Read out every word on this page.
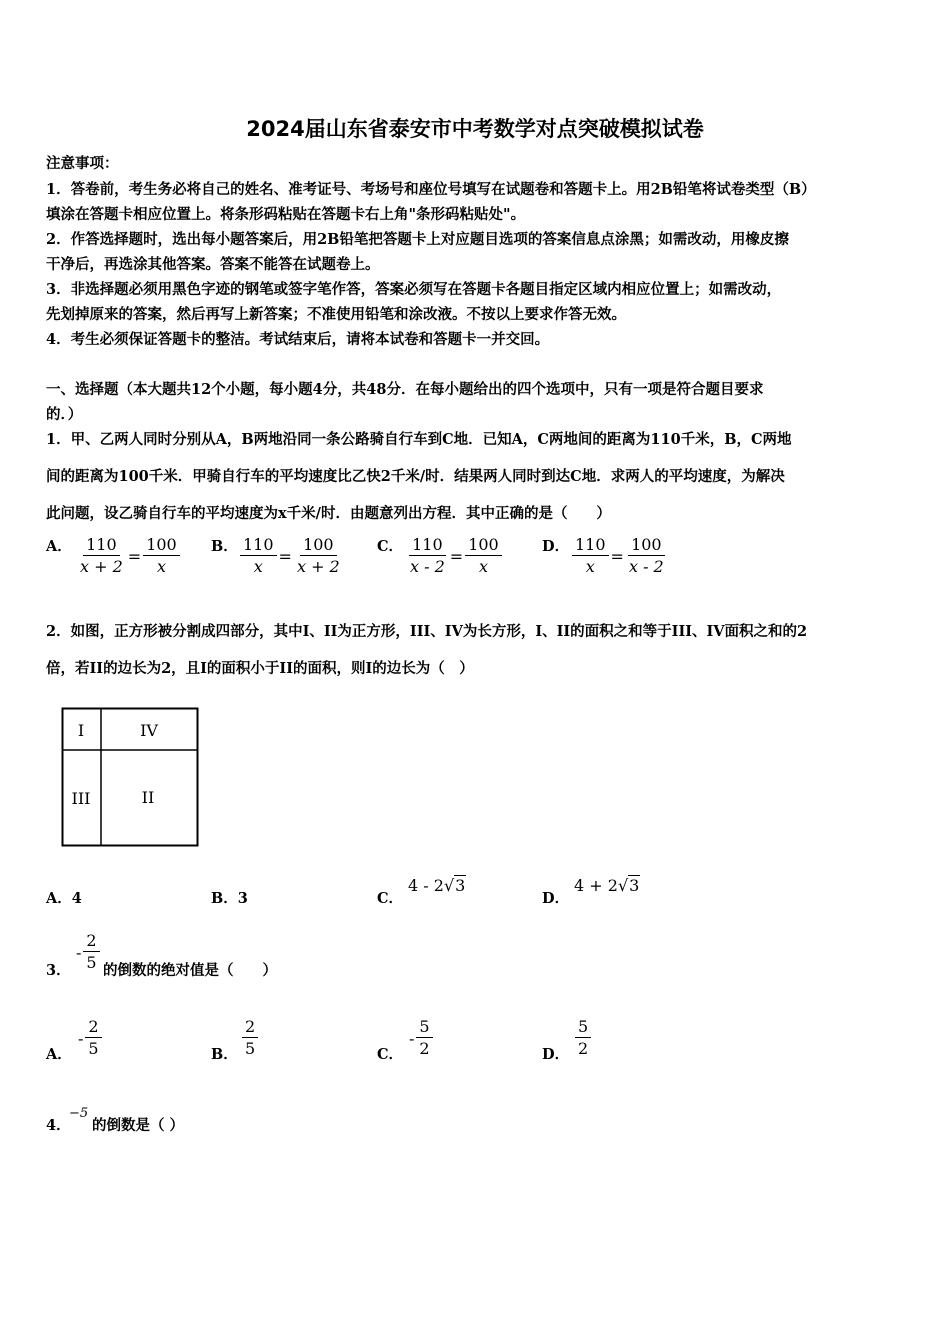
2024届山东省泰安市中考数学对点突破模拟试卷
注意事项：
1．答卷前，考生务必将自己的姓名、准考证号、考场号和座位号填写在试题卷和答题卡上。用2B铅笔将试卷类型（B）
填涂在答题卡相应位置上。将条形码粘贴在答题卡右上角"条形码粘贴处"。
2．作答选择题时，选出每小题答案后，用2B铅笔把答题卡上对应题目选项的答案信息点涂黑；如需改动，用橡皮擦
干净后，再选涂其他答案。答案不能答在试题卷上。
3．非选择题必须用黑色字迹的钢笔或签字笔作答，答案必须写在答题卡各题目指定区域内相应位置上；如需改动，
先划掉原来的答案，然后再写上新答案；不准使用铅笔和涂改液。不按以上要求作答无效。
4．考生必须保证答题卡的整洁。考试结束后，请将本试卷和答题卡一并交回。
一、选择题（本大题共12个小题，每小题4分，共48分．在每小题给出的四个选项中，只有一项是符合题目要求
的．）
1．甲、乙两人同时分别从A，B两地沿同一条公路骑自行车到C地．已知A，C两地间的距离为110千米，B，C两地
间的距离为100千米．甲骑自行车的平均速度比乙快2千米/时．结果两人同时到达C地．求两人的平均速度，为解决
此问题，设乙骑自行车的平均速度为x千米/时．由题意列出方程．其中正确的是（　　）
A．	B．	C．	D．
$\frac{110}{x + 2} = \frac{100}{x}$	$\frac{110}{x} = \frac{100}{x + 2}$	$\frac{110}{x - 2} = \frac{100}{x}$	$\frac{110}{x} = \frac{100}{x - 2}$
2．如图，正方形被分割成四部分，其中I、II为正方形，III、IV为长方形，I、II的面积之和等于III、IV面积之和的2
倍，若II的边长为2，且I的面积小于II的面积，则I的边长为（　）
I	IV
III	II
A．4	B．3	C．
4 - 2√3
D．
4 + 2√3
3．
- $\frac{2}{5}$ 的倒数的绝对值是（　　）
A．
- $\frac{2}{5}$	B． $\frac{2}{5}$	C．
- $\frac{5}{2}$	D． $\frac{5}{2}$
4．
−5
的倒数是（ ）
